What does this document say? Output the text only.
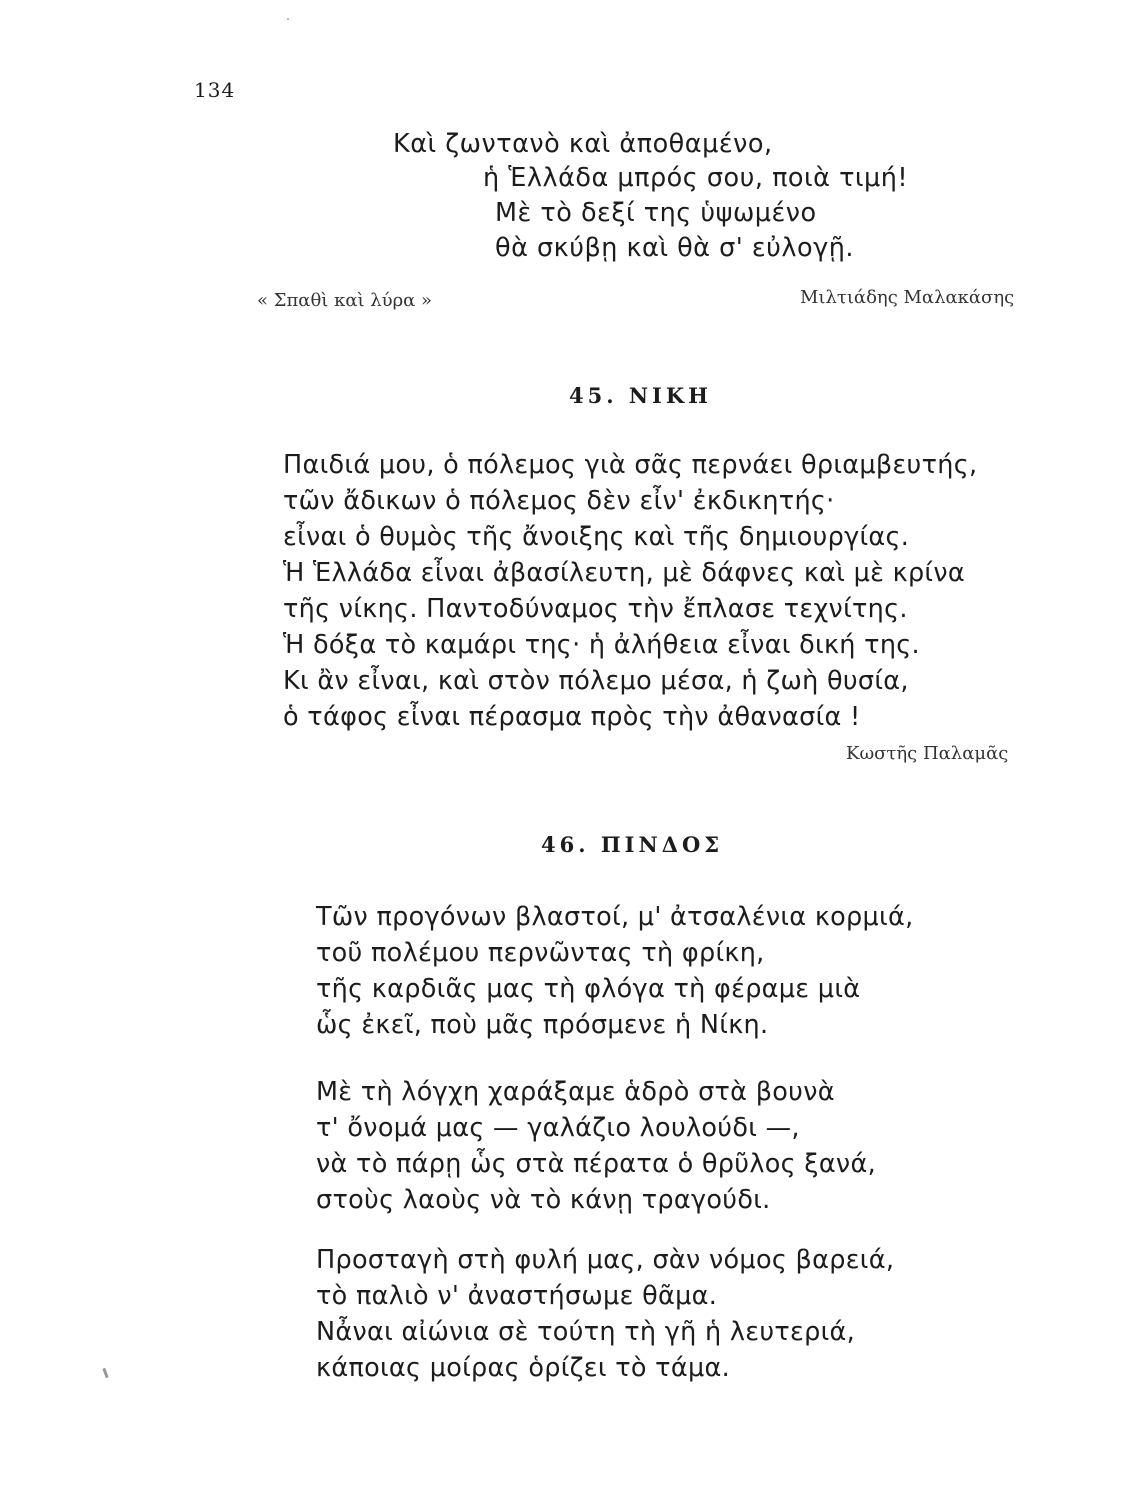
134
Καὶ ζωντανὸ καὶ ἀποθαμένο,
ἡ Ἑλλάδα μπρός σου, ποιὰ τιμή!
Μὲ τὸ δεξί της ὑψωμένο
θὰ σκύβῃ καὶ θὰ σ' εὐλογῇ.
« Σπαθὶ καὶ λύρα »	Μιλτιάδης Μαλακάσης
45. ΝΙΚΗ
Παιδιά μου, ὁ πόλεμος γιὰ σᾶς περνάει θριαμβευτής,
τῶν ἄδικων ὁ πόλεμος δὲν εἶν' ἐκδικητής·
εἶναι ὁ θυμὸς τῆς ἄνοιξης καὶ τῆς δημιουργίας.
Ἡ Ἑλλάδα εἶναι ἀβασίλευτη, μὲ δάφνες καὶ μὲ κρίνα
τῆς νίκης. Παντοδύναμος τὴν ἔπλασε τεχνίτης.
Ἡ δόξα τὸ καμάρι της· ἡ ἀλήθεια εἶναι δική της.
Κι ἂν εἶναι, καὶ στὸν πόλεμο μέσα, ἡ ζωὴ θυσία,
ὁ τάφος εἶναι πέρασμα πρὸς τὴν ἀθανασία !
Κωστῆς Παλαμᾶς
46. ΠΙΝΔΟΣ
Τῶν προγόνων βλαστοί, μ' ἀτσαλένια κορμιά,
τοῦ πολέμου περνῶντας τὴ φρίκη,
τῆς καρδιᾶς μας τὴ φλόγα τὴ φέραμε μιὰ
ὧς ἐκεῖ, ποὺ μᾶς πρόσμενε ἡ Νίκη.
Μὲ τὴ λόγχη χαράξαμε ἁδρὸ στὰ βουνὰ
τ' ὄνομά μας — γαλάζιο λουλούδι —,
νὰ τὸ πάρῃ ὧς στὰ πέρατα ὁ θρῦλος ξανά,
στοὺς λαοὺς νὰ τὸ κάνῃ τραγούδι.
Προσταγὴ στὴ φυλή μας, σὰν νόμος βαρειά,
τὸ παλιὸ ν' ἀναστήσωμε θᾶμα.
Νἆναι αἰώνια σὲ τούτη τὴ γῆ ἡ λευτεριά,
κάποιας μοίρας ὁρίζει τὸ τάμα.
